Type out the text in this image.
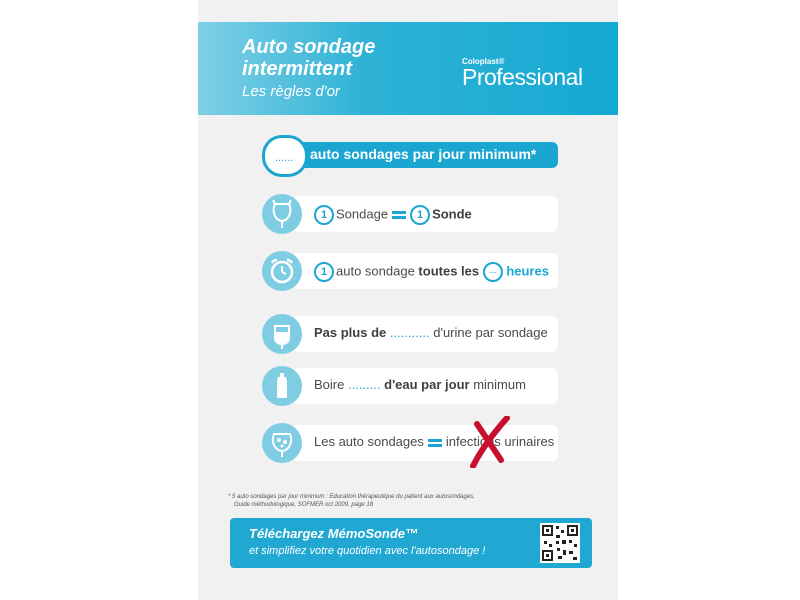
Auto sondage
intermittent
Les règles d'or
Coloplast®
Professional
...... auto sondages par jour minimum*
1 Sondage	1 Sonde
1 auto sondage toutes les ... heures
Pas plus de ........... d'urine par sondage
Boire ......... d'eau par jour minimum
Les auto sondages infections urinaires
* 5 auto sondages par jour minimum : Education thérapeutique du patient aux autosondages,
Guide méthodologique, SOFMER oct 2009, page 18
Téléchargez MémoSonde™
et simplifiez votre quotidien avec l'autosondage !
